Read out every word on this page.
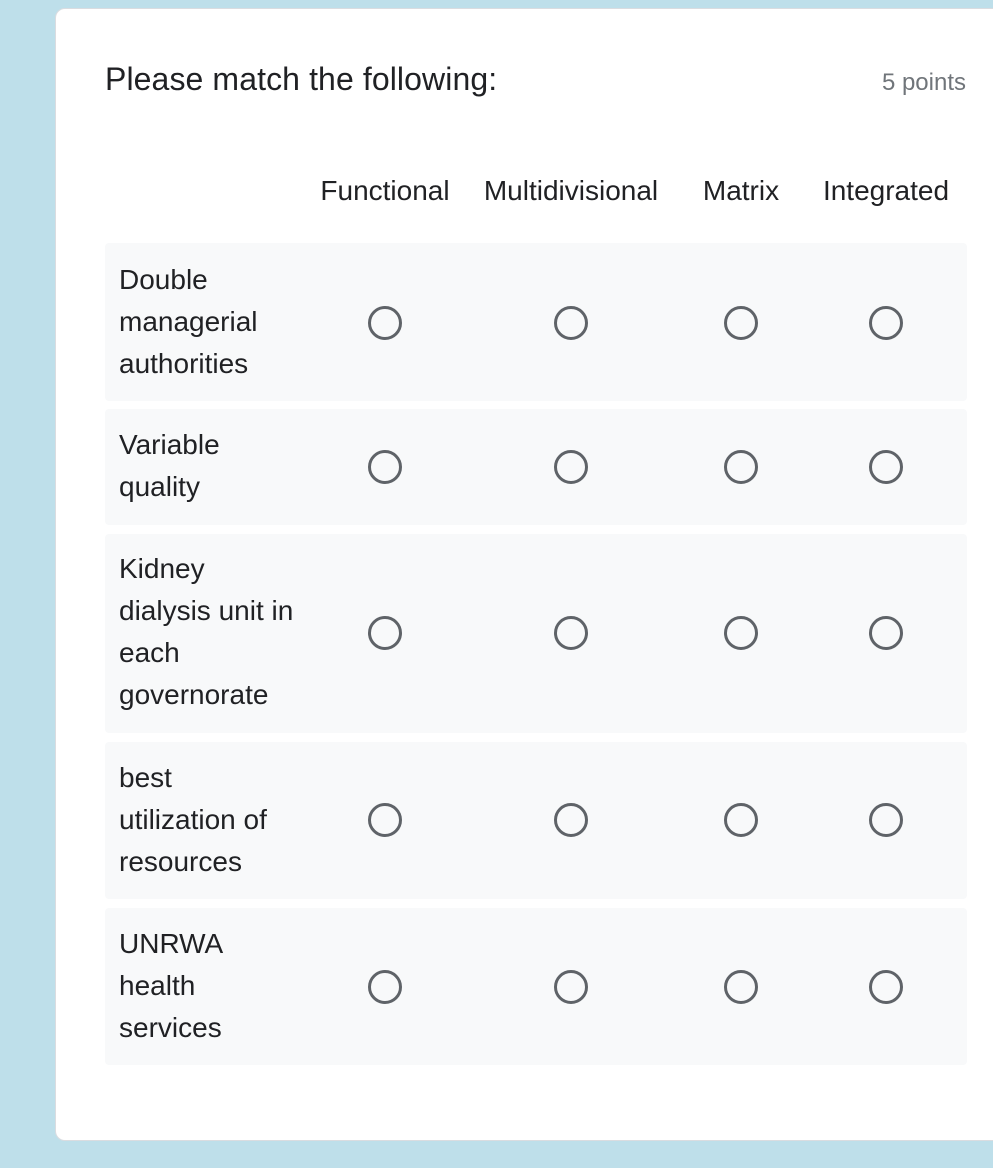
Please match the following:	5 points
Functional Multidivisional Matrix Integrated
Double managerial authorities
Variable quality
Kidney dialysis unit in each governorate
best utilization of resources
UNRWA health services
